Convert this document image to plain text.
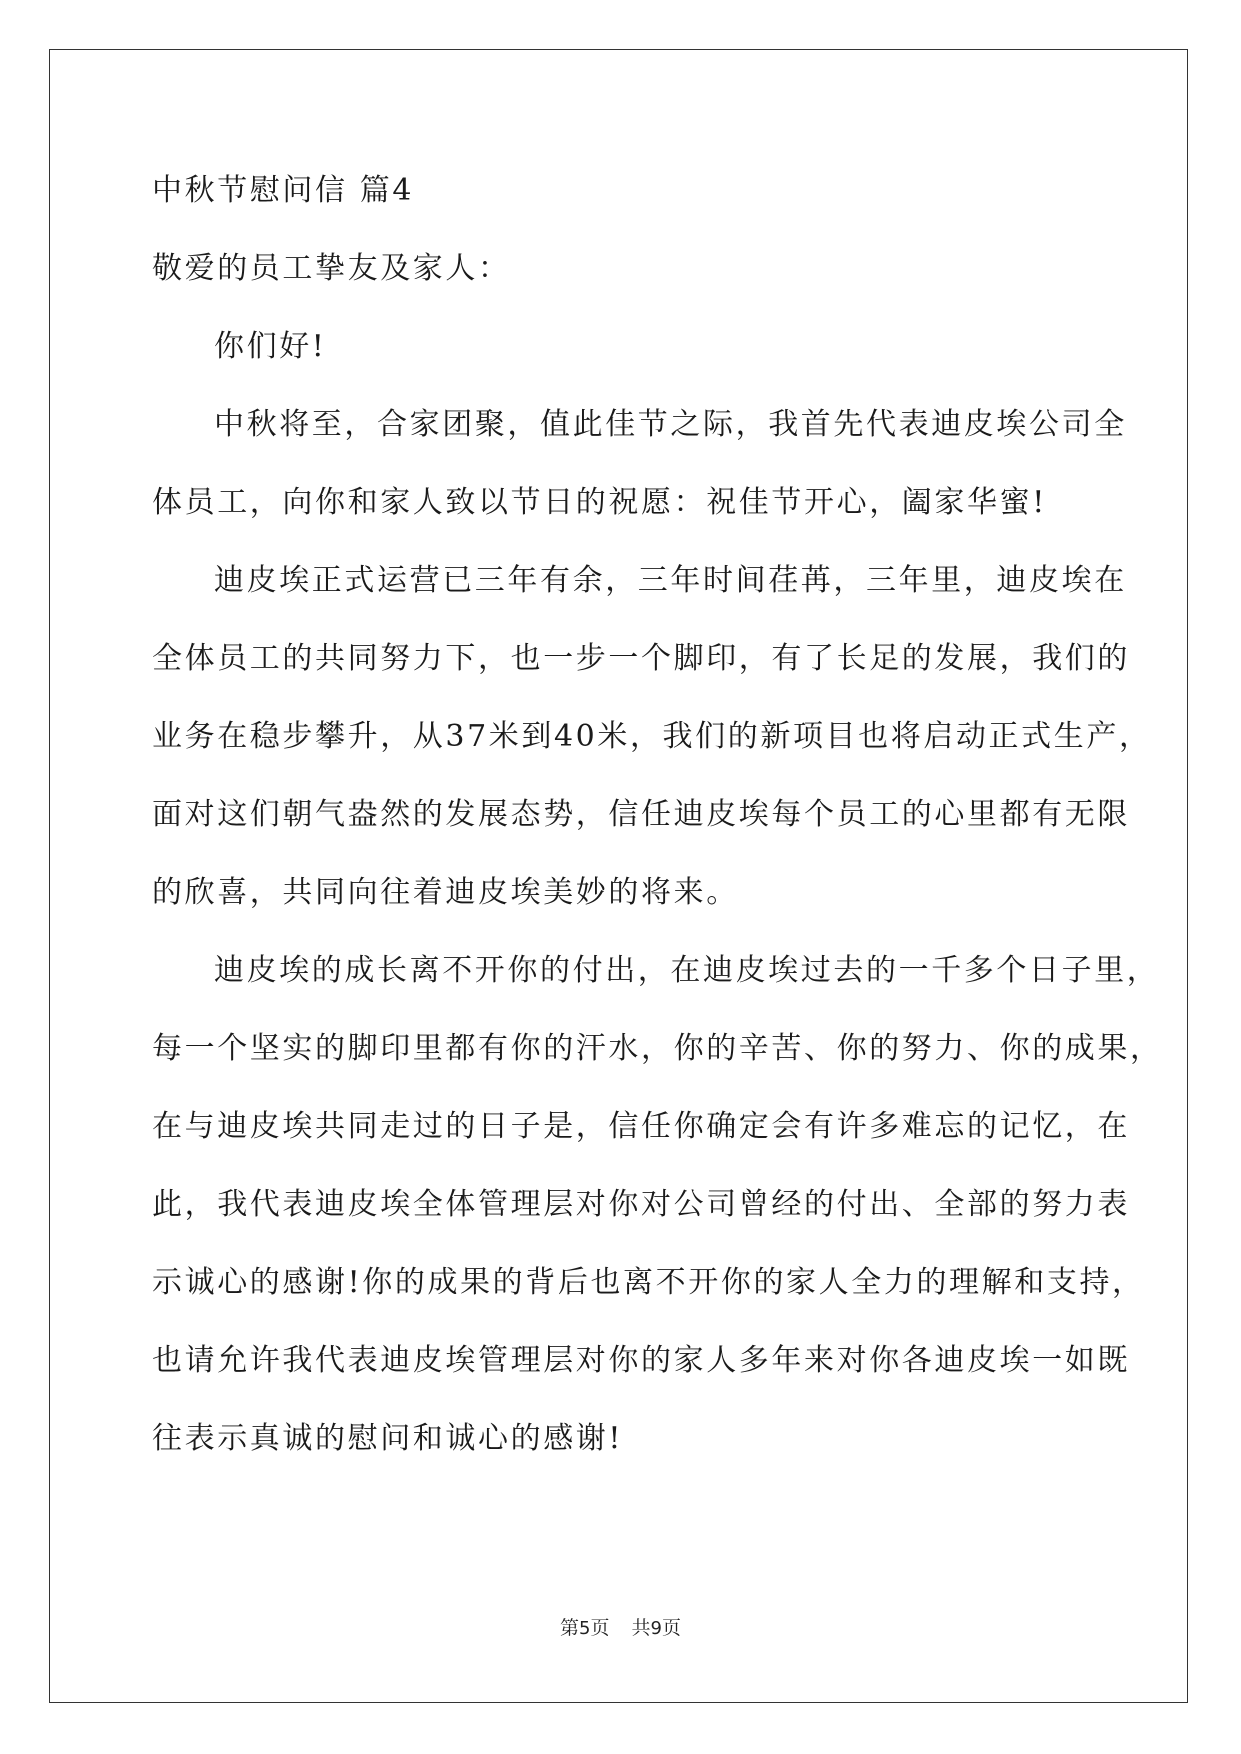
中秋节慰问信 篇4
敬爱的员工挚友及家人：
你们好!
中秋将至，合家团聚，值此佳节之际，我首先代表迪皮埃公司全
体员工，向你和家人致以节日的祝愿：祝佳节开心，阖家华蜜!
迪皮埃正式运营已三年有余，三年时间荏苒，三年里，迪皮埃在
全体员工的共同努力下，也一步一个脚印，有了长足的发展，我们的
业务在稳步攀升，从37米到40米，我们的新项目也将启动正式生产，
面对这们朝气盎然的发展态势，信任迪皮埃每个员工的心里都有无限
的欣喜，共同向往着迪皮埃美妙的将来。
迪皮埃的成长离不开你的付出，在迪皮埃过去的一千多个日子里，
每一个坚实的脚印里都有你的汗水，你的辛苦、你的努力、你的成果，
在与迪皮埃共同走过的日子是，信任你确定会有许多难忘的记忆，在
此，我代表迪皮埃全体管理层对你对公司曾经的付出、全部的努力表
示诚心的感谢!你的成果的背后也离不开你的家人全力的理解和支持，
也请允许我代表迪皮埃管理层对你的家人多年来对你各迪皮埃一如既
往表示真诚的慰问和诚心的感谢!
第5页 共9页
